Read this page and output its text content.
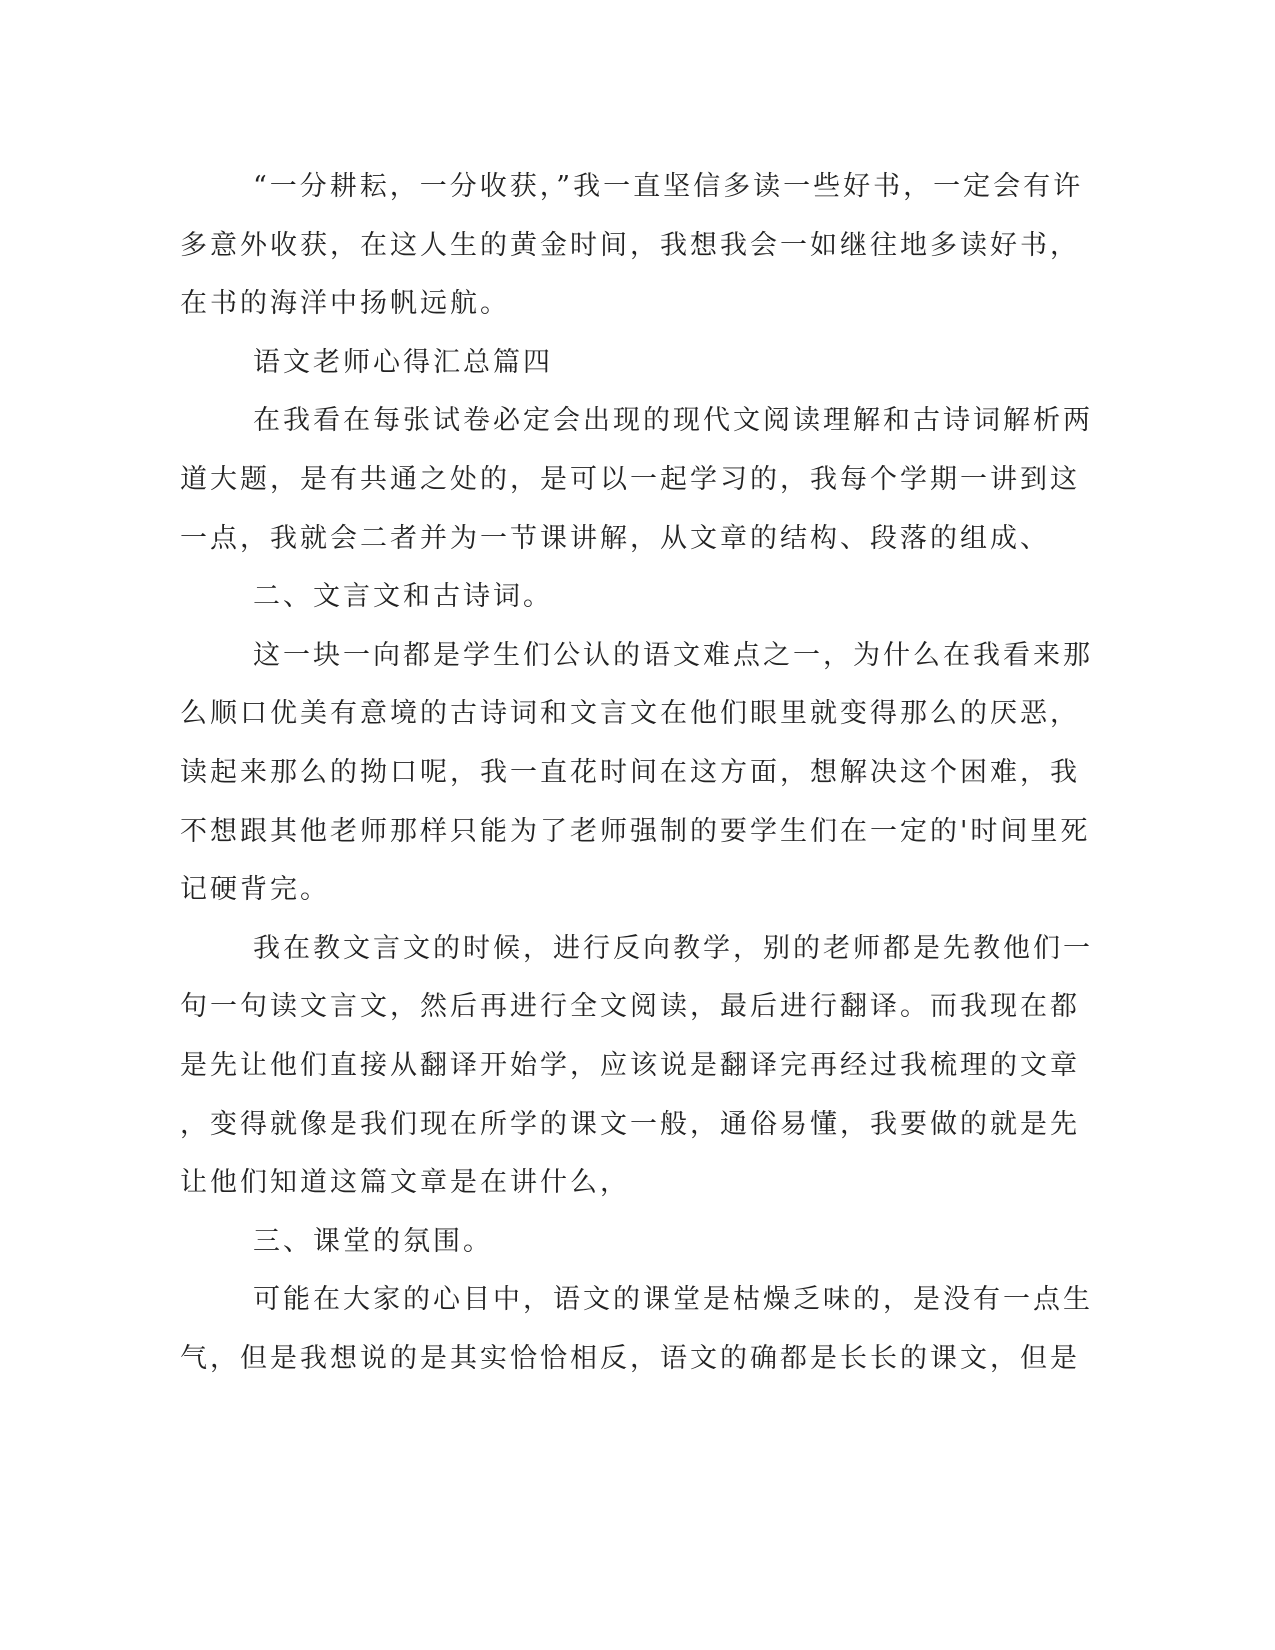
“一分耕耘，一分收获，”我一直坚信多读一些好书，一定会有许
多意外收获，在这人生的黄金时间，我想我会一如继往地多读好书，
在书的海洋中扬帆远航。

语文老师心得汇总篇四

在我看在每张试卷必定会出现的现代文阅读理解和古诗词解析两
道大题，是有共通之处的，是可以一起学习的，我每个学期一讲到这
一点，我就会二者并为一节课讲解，从文章的结构、段落的组成、

二、文言文和古诗词。

这一块一向都是学生们公认的语文难点之一，为什么在我看来那
么顺口优美有意境的古诗词和文言文在他们眼里就变得那么的厌恶，
读起来那么的拗口呢，我一直花时间在这方面，想解决这个困难，我
不想跟其他老师那样只能为了老师强制的要学生们在一定的'时间里死
记硬背完。

我在教文言文的时候，进行反向教学，别的老师都是先教他们一
句一句读文言文，然后再进行全文阅读，最后进行翻译。而我现在都
是先让他们直接从翻译开始学，应该说是翻译完再经过我梳理的文章
，变得就像是我们现在所学的课文一般，通俗易懂，我要做的就是先
让他们知道这篇文章是在讲什么，

三、课堂的氛围。

可能在大家的心目中，语文的课堂是枯燥乏味的，是没有一点生
气，但是我想说的是其实恰恰相反，语文的确都是长长的课文，但是
